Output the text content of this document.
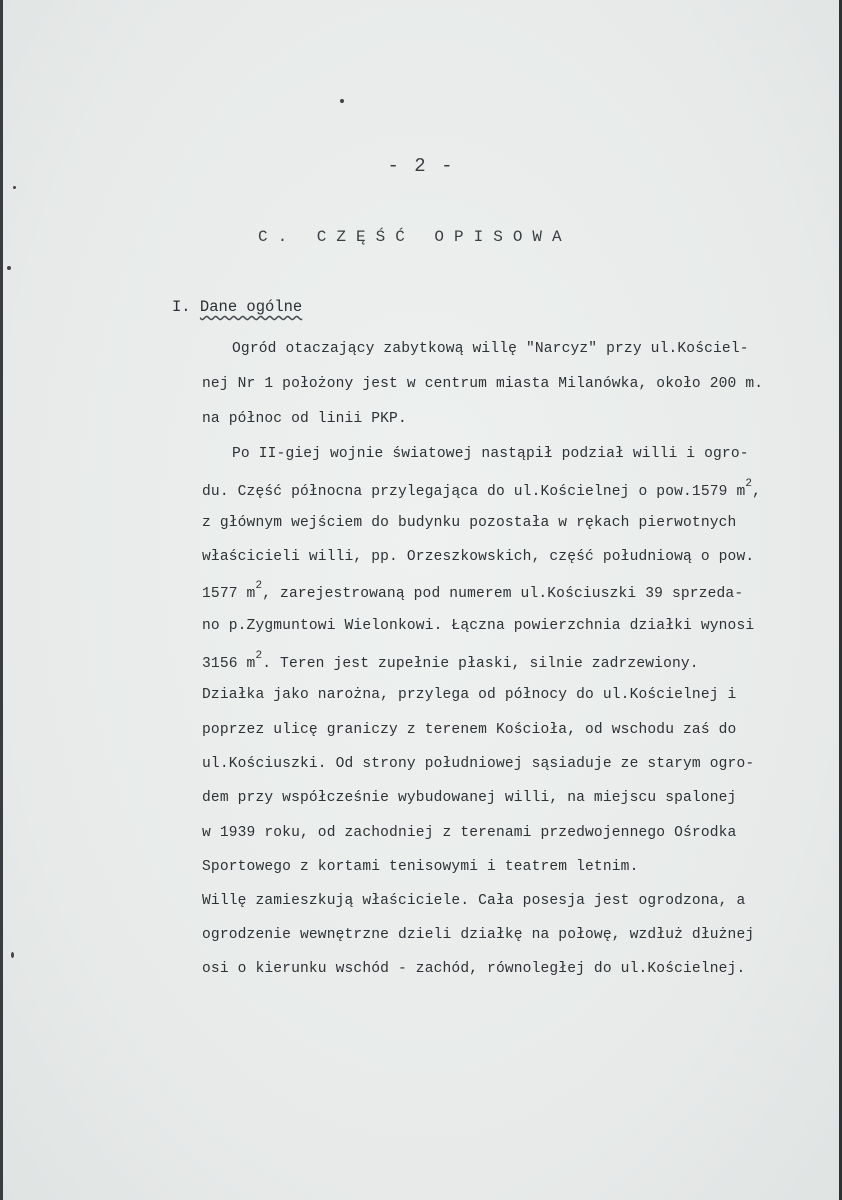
- 2 -
C. CZĘŚĆ OPISOWA
I. Dane ogólne
Ogród otaczający zabytkową willę "Narcyz" przy ul.Kościel-
nej Nr 1 położony jest w centrum miasta Milanówka, około 200 m.
na północ od linii PKP.
Po II-giej wojnie światowej nastąpił podział willi i ogro-
du. Część północna przylegająca do ul.Kościelnej o pow.1579 $m^2$,
z głównym wejściem do budynku pozostała w rękach pierwotnych
właścicieli willi, pp. Orzeszkowskich, część południową o pow.
1577 $m^2$, zarejestrowaną pod numerem ul.Kościuszki 39 sprzeda-
no p.Zygmuntowi Wielonkowi. Łączna powierzchnia działki wynosi
3156 $m^2$. Teren jest zupełnie płaski, silnie zadrzewiony.
Działka jako narożna, przylega od północy do ul.Kościelnej i
poprzez ulicę graniczy z terenem Kościoła, od wschodu zaś do
ul.Kościuszki. Od strony południowej sąsiaduje ze starym ogro-
dem przy współcześnie wybudowanej willi, na miejscu spalonej
w 1939 roku, od zachodniej z terenami przedwojennego Ośrodka
Sportowego z kortami tenisowymi i teatrem letnim.
Willę zamieszkują właściciele. Cała posesja jest ogrodzona, a
ogrodzenie wewnętrzne dzieli działkę na połowę, wzdłuż dłużnej
osi o kierunku wschód - zachód, równoległej do ul.Kościelnej.
